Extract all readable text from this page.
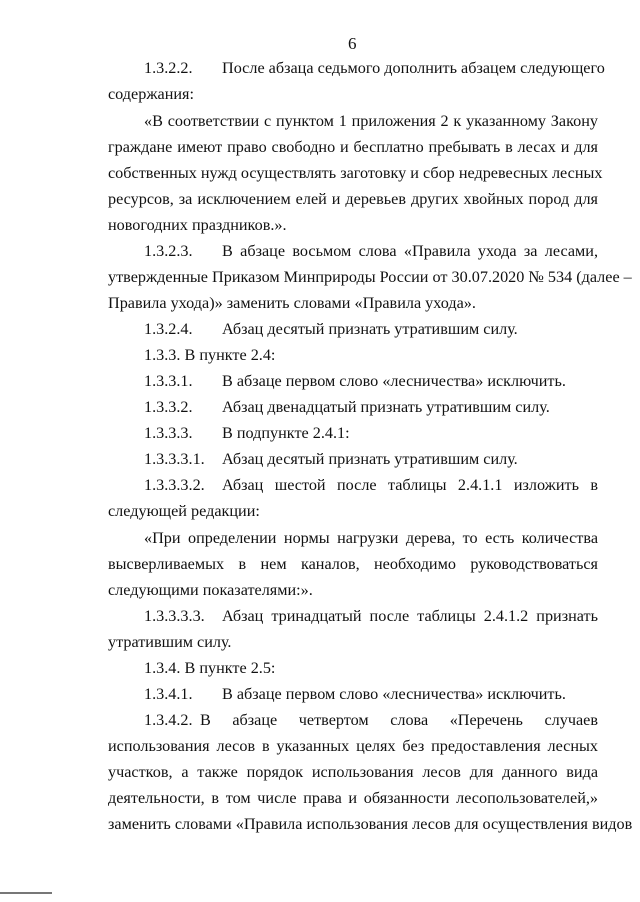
6
1.3.2.2. После абзаца седьмого дополнить абзацем следующего
содержания:
«В соответствии с пунктом 1 приложения 2 к указанному Закону
граждане имеют право свободно и бесплатно пребывать в лесах и для
собственных нужд осуществлять заготовку и сбор недревесных лесных
ресурсов, за исключением елей и деревьев других хвойных пород для
новогодних праздников.».
1.3.2.3. В абзаце восьмом слова «Правила ухода за лесами,
утвержденные Приказом Минприроды России от 30.07.2020 № 534 (далее –
Правила ухода)» заменить словами «Правила ухода».
1.3.2.4. Абзац десятый признать утратившим силу.
1.3.3. В пункте 2.4:
1.3.3.1. В абзаце первом слово «лесничества» исключить.
1.3.3.2. Абзац двенадцатый признать утратившим силу.
1.3.3.3. В подпункте 2.4.1:
1.3.3.3.1. Абзац десятый признать утратившим силу.
1.3.3.3.2. Абзац шестой после таблицы 2.4.1.1 изложить в
следующей редакции:
«При определении нормы нагрузки дерева, то есть количества
высверливаемых в нем каналов, необходимо руководствоваться
следующими показателями:».
1.3.3.3.3. Абзац тринадцатый после таблицы 2.4.1.2 признать
утратившим силу.
1.3.4. В пункте 2.5:
1.3.4.1. В абзаце первом слово «лесничества» исключить.
1.3.4.2. В абзаце четвертом слова «Перечень случаев
использования лесов в указанных целях без предоставления лесных
участков, а также порядок использования лесов для данного вида
деятельности, в том числе права и обязанности лесопользователей,»
заменить словами «Правила использования лесов для осуществления видов
